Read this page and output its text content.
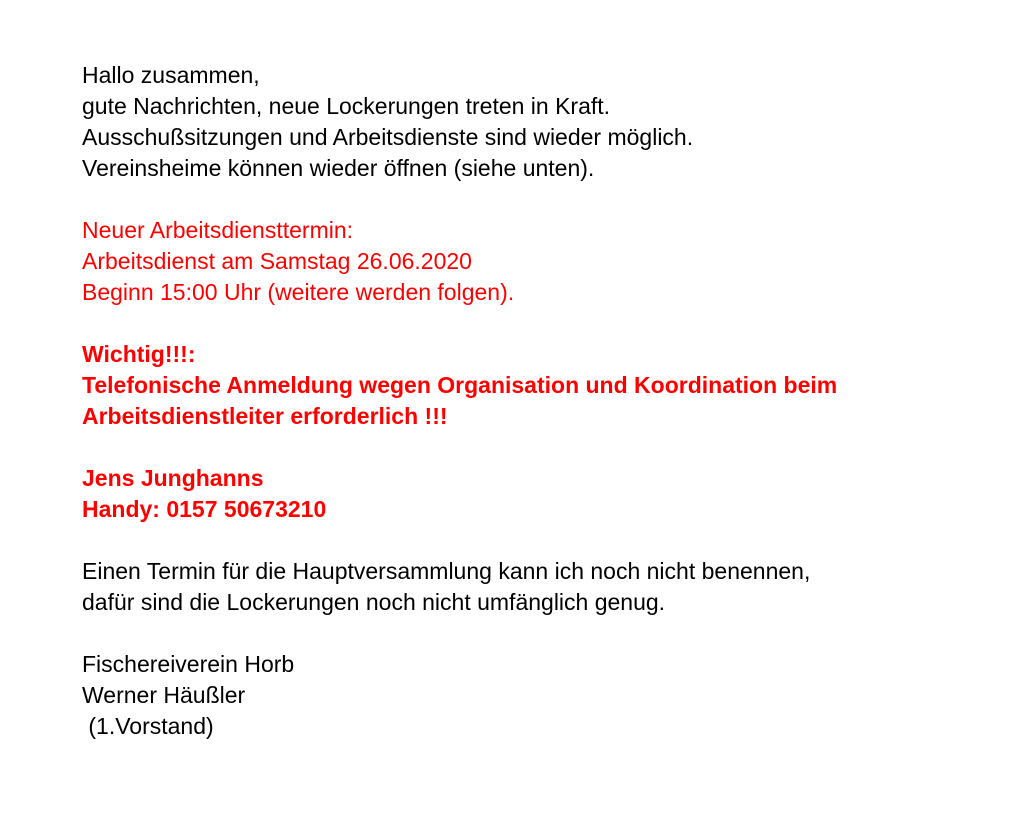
Hallo zusammen,
gute Nachrichten, neue Lockerungen treten in Kraft.
Ausschußsitzungen und Arbeitsdienste sind wieder möglich.
Vereinsheime können wieder öffnen (siehe unten).
Neuer Arbeitsdiensttermin:
Arbeitsdienst am Samstag 26.06.2020
Beginn 15:00 Uhr (weitere werden folgen).
Wichtig!!!:
Telefonische Anmeldung wegen Organisation und Koordination beim
Arbeitsdienstleiter erforderlich !!!
Jens Junghanns
Handy: 0157 50673210
Einen Termin für die Hauptversammlung kann ich noch nicht benennen,
dafür sind die Lockerungen noch nicht umfänglich genug.
Fischereiverein Horb
Werner Häußler
(1.Vorstand)
